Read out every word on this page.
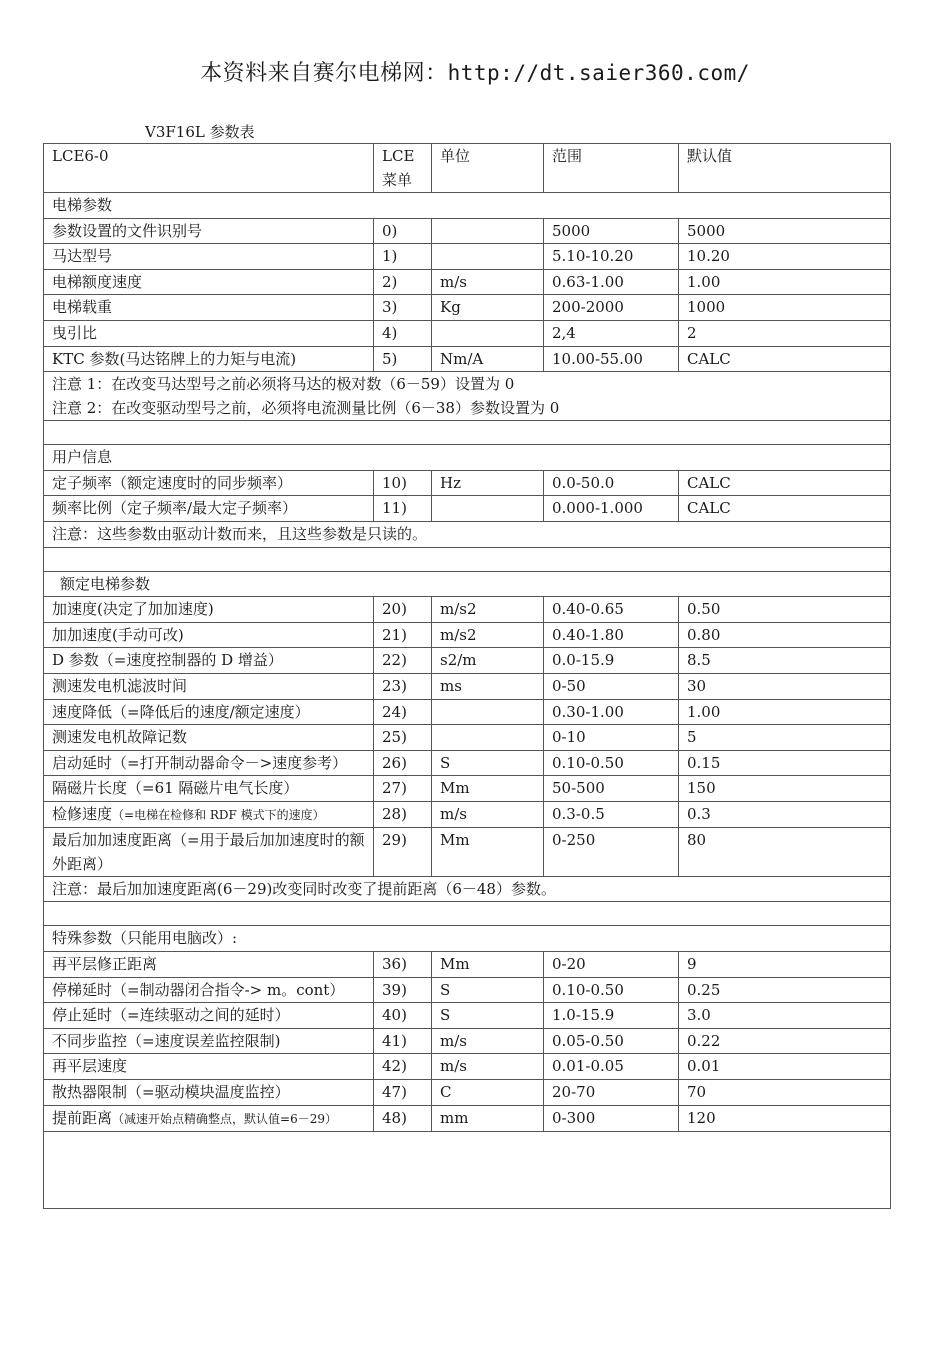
本资料来自赛尔电梯网：http://dt.saier360.com/
V3F16L 参数表
LCE6-0	LCE
菜单	单位	范围	默认值
电梯参数				
参数设置的文件识别号	0)		5000	5000
马达型号	1)		5.10-10.20	10.20
电梯额度速度	2)	m/s	0.63-1.00	1.00
电梯载重	3)	Kg	200-2000	1000
曳引比	4)		2,4	2
KTC 参数(马达铭牌上的力矩与电流)	5)	Nm/A	10.00-55.00	CALC
注意 1：在改变马达型号之前必须将马达的极对数（6－59）设置为 0
注意 2：在改变驱动型号之前，必须将电流测量比例（6－38）参数设置为 0				

用户信息				
定子频率（额定速度时的同步频率）	10)	Hz	0.0-50.0	CALC
频率比例（定子频率/最大定子频率）	11)		0.000-1.000	CALC
注意：这些参数由驱动计数而来，且这些参数是只读的。				

额定电梯参数				
加速度(决定了加加速度)	20)	m/s2	0.40-0.65	0.50
加加速度(手动可改)	21)	m/s2	0.40-1.80	0.80
D 参数（=速度控制器的 D 增益）	22)	s2/m	0.0-15.9	8.5
测速发电机滤波时间	23)	ms	0-50	30
速度降低（=降低后的速度/额定速度）	24)		0.30-1.00	1.00
测速发电机故障记数	25)		0-10	5
启动延时（=打开制动器命令－>速度参考）	26)	S	0.10-0.50	0.15
隔磁片长度（=61 隔磁片电气长度）	27)	Mm	50-500	150
检修速度（=电梯在检修和 RDF 模式下的速度）	28)	m/s	0.3-0.5	0.3
最后加加速度距离（=用于最后加加速度时的额外距离）	29)	Mm	0-250	80
注意：最后加加速度距离(6－29)改变同时改变了提前距离（6－48）参数。				

特殊参数（只能用电脑改）:				
再平层修正距离	36)	Mm	0-20	9
停梯延时（=制动器闭合指令-> m。cont）	39)	S	0.10-0.50	0.25
停止延时（=连续驱动之间的延时）	40)	S	1.0-15.9	3.0
不同步监控（=速度误差监控限制)	41)	m/s	0.05-0.50	0.22
再平层速度	42)	m/s	0.01-0.05	0.01
散热器限制（=驱动模块温度监控）	47)	C	20-70	70
提前距离（减速开始点精确整点，默认值=6－29）	48)	mm	0-300	120
